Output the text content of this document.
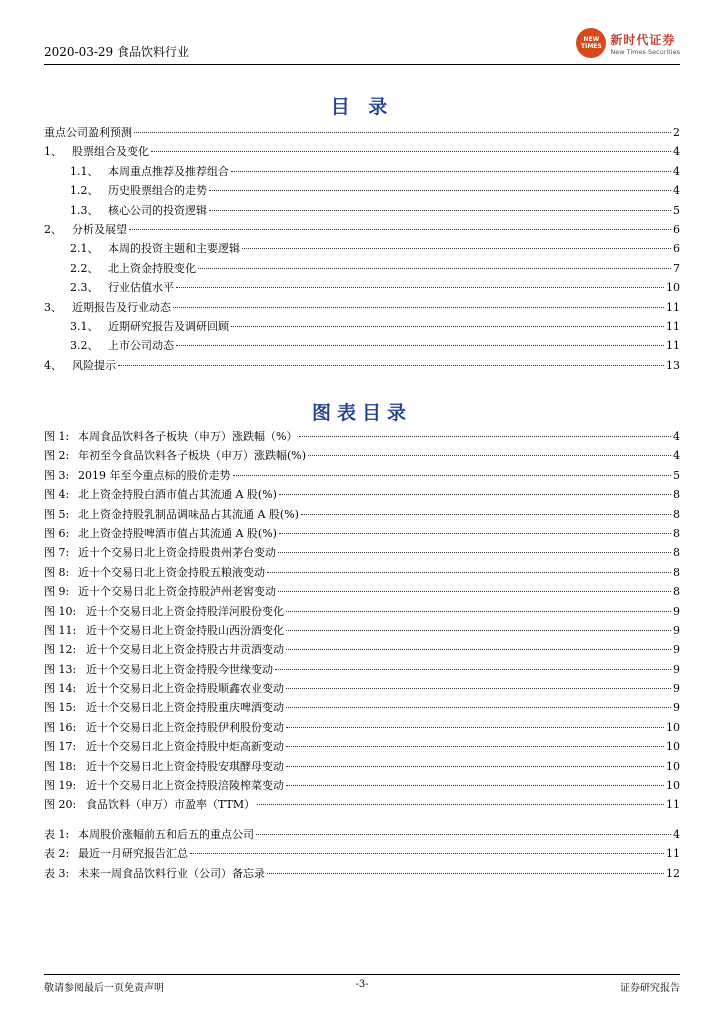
2020-03-29 食品饮料行业
NEW
TIMES 新时代证券
New Times Securities
目 录
重点公司盈利预测	2
1、 股票组合及变化	4
1.1、 本周重点推荐及推荐组合	4
1.2、 历史股票组合的走势	4
1.3、 核心公司的投资逻辑	5
2、 分析及展望	6
2.1、 本周的投资主题和主要逻辑	6
2.2、 北上资金持股变化	7
2.3、 行业估值水平	10
3、 近期报告及行业动态	11
3.1、 近期研究报告及调研回顾	11
3.2、 上市公司动态	11
4、 风险提示	13
图表目录
图 1: 本周食品饮料各子板块（申万）涨跌幅（%）	4
图 2: 年初至今食品饮料各子板块（申万）涨跌幅(%)	4
图 3: 2019 年至今重点标的股价走势	5
图 4: 北上资金持股白酒市值占其流通 A 股(%)	8
图 5: 北上资金持股乳制品调味品占其流通 A 股(%)	8
图 6: 北上资金持股啤酒市值占其流通 A 股(%)	8
图 7: 近十个交易日北上资金持股贵州茅台变动	8
图 8: 近十个交易日北上资金持股五粮液变动	8
图 9: 近十个交易日北上资金持股泸州老窖变动	8
图 10: 近十个交易日北上资金持股洋河股份变化	9
图 11: 近十个交易日北上资金持股山西汾酒变化	9
图 12: 近十个交易日北上资金持股古井贡酒变动	9
图 13: 近十个交易日北上资金持股今世缘变动	9
图 14: 近十个交易日北上资金持股顺鑫农业变动	9
图 15: 近十个交易日北上资金持股重庆啤酒变动	9
图 16: 近十个交易日北上资金持股伊利股份变动	10
图 17: 近十个交易日北上资金持股中炬高新变动	10
图 18: 近十个交易日北上资金持股安琪酵母变动	10
图 19: 近十个交易日北上资金持股涪陵榨菜变动	10
图 20: 食品饮料（申万）市盈率（TTM）	11
表 1: 本周股价涨幅前五和后五的重点公司	4
表 2: 最近一月研究报告汇总	11
表 3: 未来一周食品饮料行业（公司）备忘录	12
敬请参阅最后一页免责声明	-3-	证券研究报告
